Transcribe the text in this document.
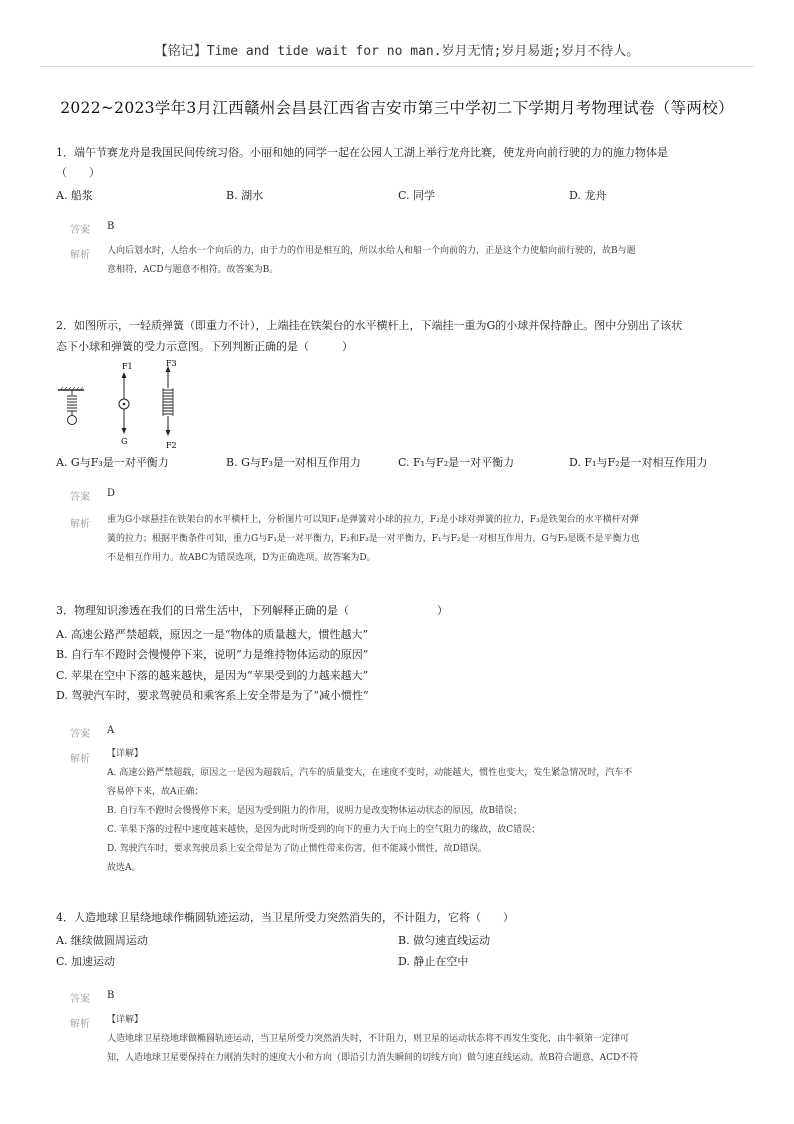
【铭记】Time and tide wait for no man.岁月无情;岁月易逝;岁月不待人。
2022~2023学年3月江西赣州会昌县江西省吉安市第三中学初二下学期月考物理试卷（等两校）
1．端午节赛龙舟是我国民间传统习俗。小丽和她的同学一起在公园人工湖上举行龙舟比赛，使龙舟向前行驶的力的施力物体是
（　　）
A. 船浆	B. 湖水	C. 同学	D. 龙舟
答案 B
解析 人向后划水时，人给水一个向后的力，由于力的作用是相互的，所以水给人和船一个向前的力，正是这个力使船向前行驶的，故B与题
意相符，ACD与题意不相符。故答案为B。
2．如图所示，一轻质弹簧（即重力不计），上端挂在铁架台的水平横杆上，下端挂一重为G的小球并保持静止。图中分别出了该状
态下小球和弹簧的受力示意图。下列判断正确的是（　　　）
F1
G
F3
F2
A. G与F₃是一对平衡力	B. G与F₃是一对相互作用力	C. F₁与F₂是一对平衡力	D. F₁与F₂是一对相互作用力
答案 D
解析 重为G小球悬挂在铁架台的水平横杆上，分析图片可以知F₁是弹簧对小球的拉力，F₂是小球对弹簧的拉力，F₃是铁架台的水平横杆对弹
簧的拉力；根据平衡条件可知，重力G与F₁是一对平衡力，F₂和F₃是一对平衡力，F₁与F₂是一对相互作用力，G与F₃是既不是平衡力也
不是相互作用力。故ABC为错误选项，D为正确选项。故答案为D。
3．物理知识渗透在我们的日常生活中，下列解释正确的是（　　　　　　　　）
A. 高速公路严禁超载，原因之一是“物体的质量越大，惯性越大”
B. 自行车不蹬时会慢慢停下来，说明“力是维持物体运动的原因”
C. 苹果在空中下落的越来越快，是因为“苹果受到的力越来越大”
D. 驾驶汽车时，要求驾驶员和乘客系上安全带是为了“减小惯性”
答案 A
解析 【详解】
A. 高速公路严禁超载，原因之一是因为超载后，汽车的质量变大，在速度不变时，动能越大，惯性也变大，发生紧急情况时，汽车不
容易停下来，故A正确；
B. 自行车不蹬时会慢慢停下来，是因为受到阻力的作用，说明力是改变物体运动状态的原因，故B错误；
C. 苹果下落的过程中速度越来越快，是因为此时所受到的向下的重力大于向上的空气阻力的缘故，故C错误；
D. 驾驶汽车时，要求驾驶员系上安全带是为了防止惯性带来伤害，但不能减小惯性，故D错误。
故选A。
4．人造地球卫星绕地球作椭圆轨迹运动，当卫星所受力突然消失的，不计阻力，它将（　　）
A. 继续做圆周运动	B. 做匀速直线运动
C. 加速运动	D. 静止在空中
答案 B
解析 【详解】
人造地球卫星绕地球做椭圆轨迹运动，当卫星所受力突然消失时，不计阻力，则卫星的运动状态将不再发生变化，由牛顿第一定律可
知，人造地球卫星要保持在力刚消失时的速度大小和方向（即沿引力消失瞬间的切线方向）做匀速直线运动。故B符合题意，ACD不符
